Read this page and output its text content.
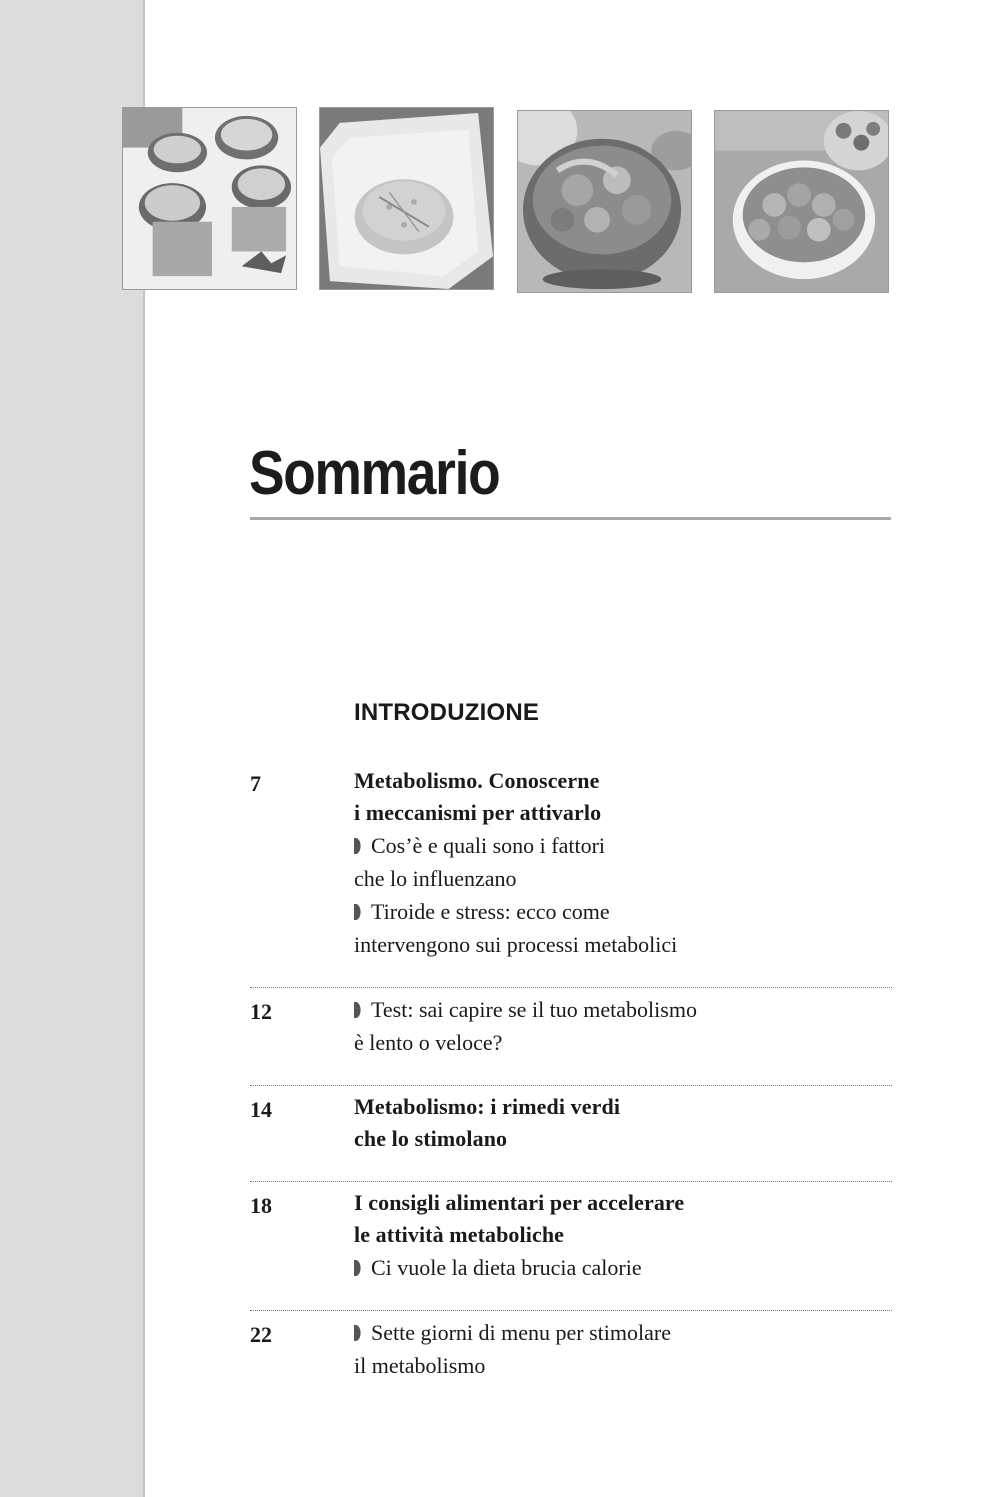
Sommario
INTRODUZIONE
7	Metabolismo. Conoscerne
i meccanismi per attivarlo
Cos’è e quali sono i fattori
che lo influenzano
Tiroide e stress: ecco come
intervengono sui processi metabolici
12	Test: sai capire se il tuo metabolismo
è lento o veloce?
14	Metabolismo: i rimedi verdi
che lo stimolano
18	I consigli alimentari per accelerare
le attività metaboliche
Ci vuole la dieta brucia calorie
22	Sette giorni di menu per stimolare
il metabolismo
